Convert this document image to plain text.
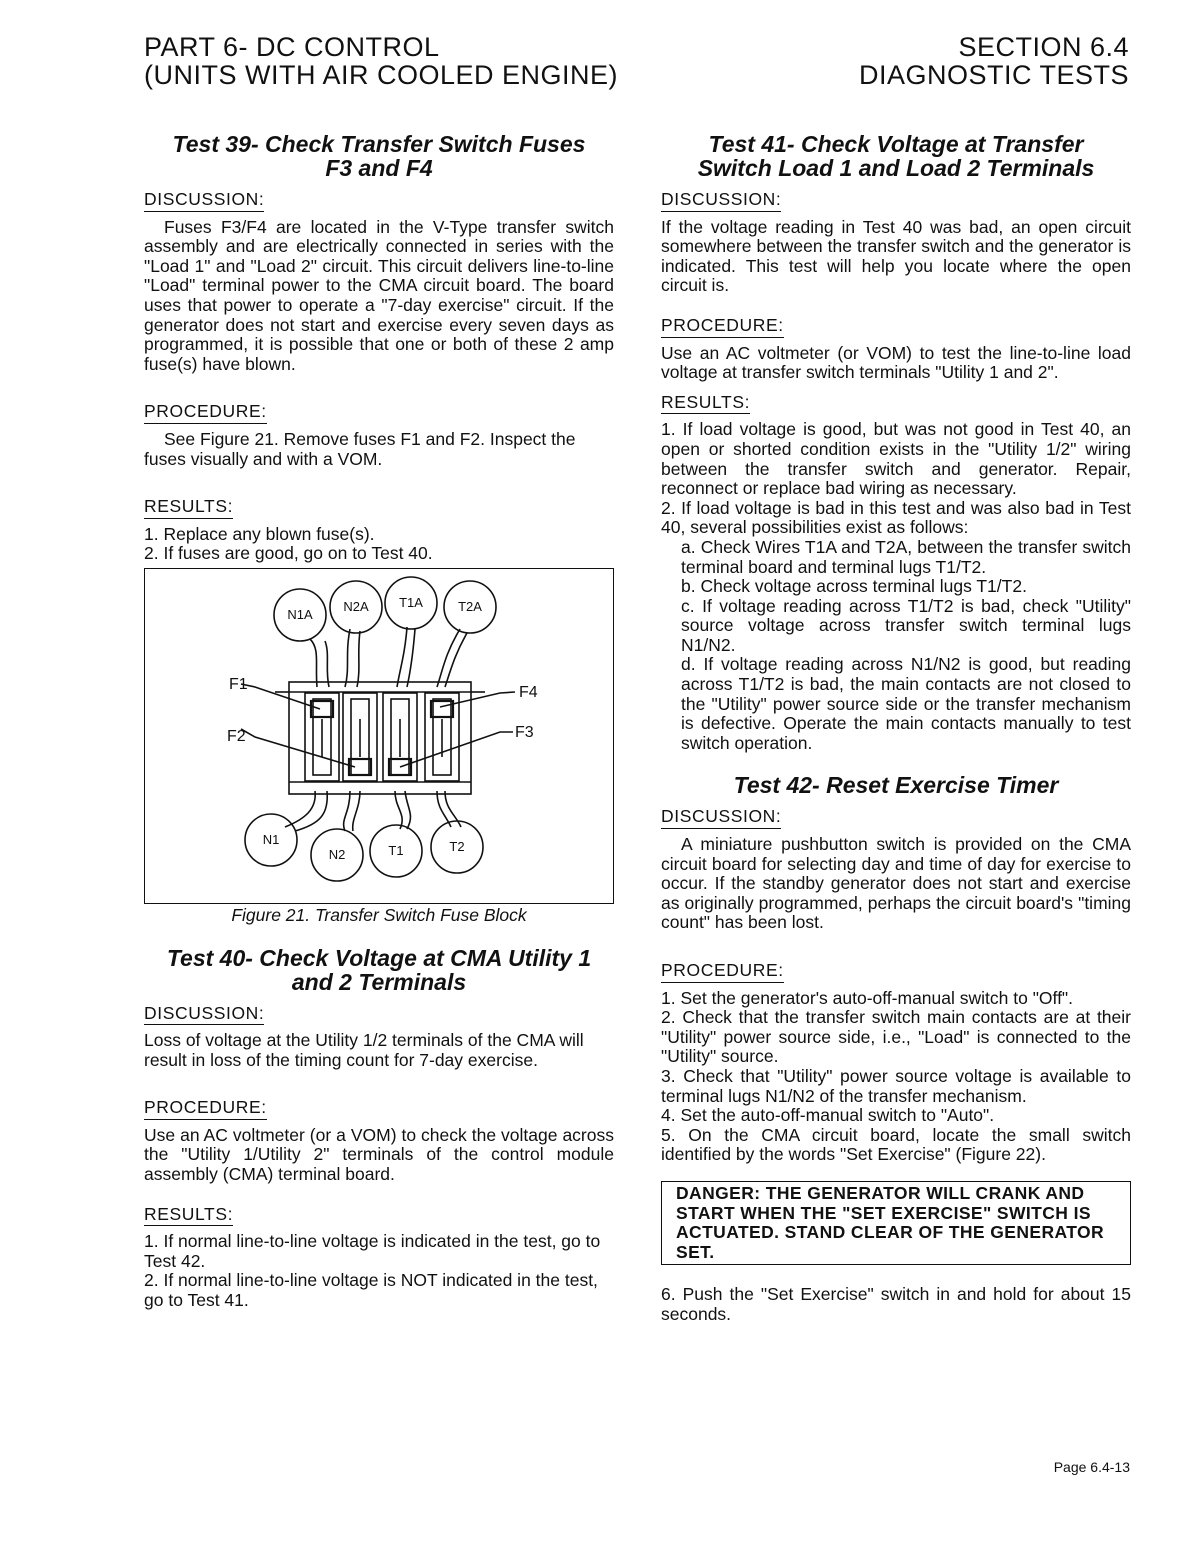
PART 6- DC CONTROL
(UNITS WITH AIR COOLED ENGINE)
SECTION 6.4
DIAGNOSTIC TESTS
Test 39- Check Transfer Switch Fuses
F3 and F4
DISCUSSION:

Fuses F3/F4 are located in the V-Type transfer switch assembly and are electrically connected in series with the "Load 1" and "Load 2" circuit. This circuit delivers line-to-line "Load" terminal power to the CMA circuit board. The board uses that power to operate a "7-day exercise" circuit. If the generator does not start and exercise every seven days as programmed, it is possible that one or both of these 2 amp fuse(s) have blown.

PROCEDURE:

See Figure 21. Remove fuses F1 and F2. Inspect the fuses visually and with a VOM.

RESULTS:

1. Replace any blown fuse(s).

2. If fuses are good, go on to Test 40.

N1A
N2A T1A	T2A
N1
N2	T1	T2
F1
F2
F4
F3
Figure 21. Transfer Switch Fuse Block
Test 40- Check Voltage at CMA Utility 1
and 2 Terminals
DISCUSSION:

Loss of voltage at the Utility 1/2 terminals of the CMA will result in loss of the timing count for 7-day exercise.

PROCEDURE:

Use an AC voltmeter (or a VOM) to check the voltage across the "Utility 1/Utility 2" terminals of the control module assembly (CMA) terminal board.

RESULTS:

1. If normal line-to-line voltage is indicated in the test, go to Test 42.

2. If normal line-to-line voltage is NOT indicated in the test, go to Test 41.

Test 41- Check Voltage at Transfer
Switch Load 1 and Load 2 Terminals
DISCUSSION:

If the voltage reading in Test 40 was bad, an open circuit somewhere between the transfer switch and the generator is indicated. This test will help you locate where the open circuit is.

PROCEDURE:

Use an AC voltmeter (or VOM) to test the line-to-line load voltage at transfer switch terminals "Utility 1 and 2".

RESULTS:

1. If load voltage is good, but was not good in Test 40, an open or shorted condition exists in the "Utility 1/2" wiring between the transfer switch and generator. Repair, reconnect or replace bad wiring as necessary.

2. If load voltage is bad in this test and was also bad in Test 40, several possibilities exist as follows:

a. Check Wires T1A and T2A, between the transfer switch terminal board and terminal lugs T1/T2.

b. Check voltage across terminal lugs T1/T2.

c. If voltage reading across T1/T2 is bad, check "Utility" source voltage across transfer switch terminal lugs N1/N2.

d. If voltage reading across N1/N2 is good, but reading across T1/T2 is bad, the main contacts are not closed to the "Utility" power source side or the transfer mechanism is defective. Operate the main contacts manually to test switch operation.

Test 42- Reset Exercise Timer
DISCUSSION:

A miniature pushbutton switch is provided on the CMA circuit board for selecting day and time of day for exercise to occur. If the standby generator does not start and exercise as originally programmed, perhaps the circuit board's "timing count" has been lost.

PROCEDURE:

1. Set the generator's auto-off-manual switch to "Off".

2. Check that the transfer switch main contacts are at their "Utility" power source side, i.e., "Load" is connected to the "Utility" source.

3. Check that "Utility" power source voltage is available to terminal lugs N1/N2 of the transfer mechanism.

4. Set the auto-off-manual switch to "Auto".

5. On the CMA circuit board, locate the small switch identified by the words "Set Exercise" (Figure 22).

DANGER: THE GENERATOR WILL CRANK AND START WHEN THE "SET EXERCISE" SWITCH IS ACTUATED. STAND CLEAR OF THE GENERATOR SET.

6. Push the "Set Exercise" switch in and hold for about 15 seconds.

Page 6.4-13
